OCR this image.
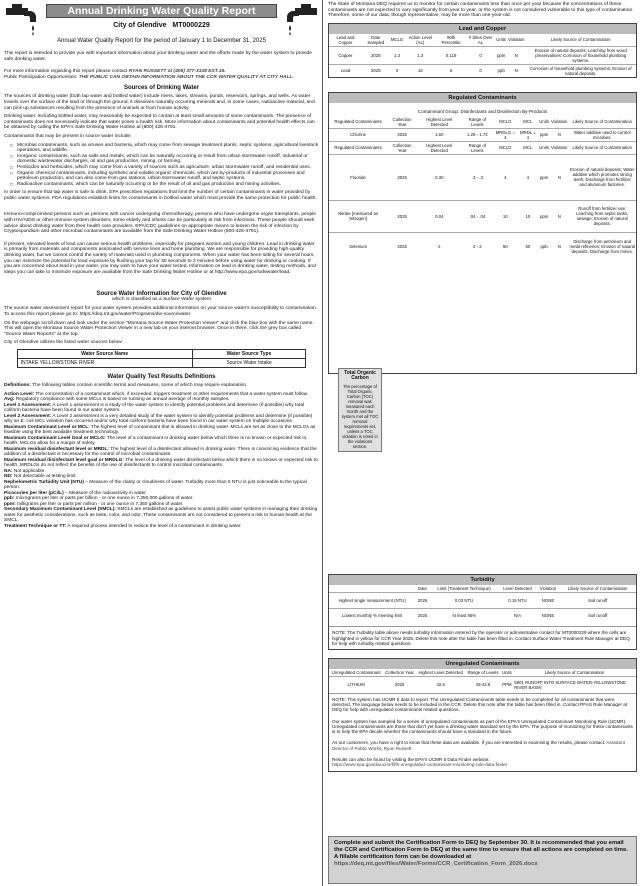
Annual Drinking Water Quality Report
City of Glendive MT0000229
Annual Water Quality Report for the period of January 1 to December 31, 2025

This report is intended to provide you with important information about your drinking water and the efforts made by the water system to provide safe drinking water.

For more information regarding this report please contact RYAN RUSSETT at (406) 377-3318 EXT.16.
Public Participation Opportunities: THE PUBLIC CAN OBTAIN INFORMATION ABOUT THE CCR WATER QUALITY AT CITY HALL.

Sources of Drinking Water

The sources of drinking water (both tap water and bottled water) include rivers, lakes, streams, ponds, reservoirs, springs, and wells. As water travels over the surface of the land or through the ground, it dissolves naturally occurring minerals and, in some cases, radioactive material, and can pick up substances resulting from the presence of animals or from human activity.

Drinking water, including bottled water, may reasonably be expected to contain at least small amounts of some contaminants. The presence of contaminants does not necessarily indicate that water poses a health risk. More information about contaminants and potential health effects can be obtained by calling the EPA's Safe Drinking Water Hotline at (800) 426-4791.

Contaminants that may be present in source water include:

□ Microbial contaminants, such as viruses and bacteria, which may come from sewage treatment plants, septic systems, agricultural livestock operations, and wildlife.
□ Inorganic contaminants, such as salts and metals, which can be naturally occurring or result from urban stormwater runoff, industrial or domestic wastewater discharges, oil and gas production, mining, or farming.
□ Pesticides and herbicides, which may come from a variety of sources such as agriculture, urban stormwater runoff, and residential uses.
□ Organic chemical contaminants, including synthetic and volatile organic chemicals, which are by-products of industrial processes and petroleum production, and can also come from gas stations, urban stormwater runoff, and septic systems.
□ Radioactive contaminants, which can be naturally occurring or be the result of oil and gas production and mining activities.

In order to ensure that tap water is safe to drink, EPA prescribes regulations that limit the number of certain contaminants in water provided by public water systems. FDA regulations establish limits for contaminants in bottled water which must provide the same protection for public health.

Immuno-compromised persons such as persons with cancer undergoing chemotherapy, persons who have undergone organ transplants, people with HIV/AIDS or other immune system disorders, some elderly and infants can be particularly at risk from infections. These people should seek advice about drinking water from their health care providers. EPA/CDC guidelines on appropriate means to lessen the risk of infection by Cryptosporidium and other microbial contaminants are available from the Safe Drinking Water Hotline (800-426-4791).

If present, elevated levels of lead can cause serious health problems, especially for pregnant women and young children. Lead in drinking water is primarily from materials and components associated with service lines and home plumbing. We are responsible for providing high-quality drinking water, but we cannot control the variety of materials used in plumbing components. When your water has been sitting for several hours, you can minimize the potential for lead exposure by flushing your tap for 30 seconds to 2 minutes before using water for drinking or cooking. If you are concerned about lead in your water, you may wish to have your water tested. Information on lead in drinking water, testing methods, and steps you can take to minimize exposure are available from the Safe Drinking Water Hotline or at http://www.epa.gov/safewater/lead.

Source Water Information for City of Glendive
which is classified as a Surface Water system

The source water assessment report for your water system provides additional information on your source water's susceptibility to contamination. To access this report please go to: https://deq.mt.gov/water/Programs/dw-sourcewater

On the webpage scroll down and look under the section "Montana Source Water Protection Viewer" and click the blue box with the same name. This will open the Montana Source Water Protection Viewer in a new tab on your internet browser. Once in there, click the grey box called "Source Water Reports" at the top.

City of Glendive utilizes the listed water sources below:

Water Source Name	Water Source Type
INTAKE YELLOWSTONE RIVER	Source Water Intake
Water Quality Test Results Definitions

Definitions: The following tables contain scientific terms and measures, some of which may require explanation.

Action Level: The concentration of a contaminant which, if exceeded, triggers treatment or other requirements that a water system must follow.
Avg: Regulatory compliance with some MCLs is based on running an annual average of monthly samples.
Level 1 Assessment: A Level 1 assessment is a study of the water system to identify potential problems and determine (if possible) why total coliform bacteria have been found in our water system.
Level 2 Assessment: A Level 2 assessment is a very detailed study of the water system to identify potential problems and determine (if possible) why an E. coli MCL violation has occurred and/or why total coliform bacteria have been found in our water system on multiple occasions.
Maximum Contaminant Level or MCL: The highest level of contaminant that is allowed in drinking water. MCLs are set as close to the MCLGs as feasible using the best available treatment technology.
Maximum Contaminant Level Goal or MCLG: The level of a contaminant in drinking water below which there is no known or expected risk to health. MCLGs allow for a margin of safety.
Maximum residual disinfectant level or MRDL: The highest level of a disinfectant allowed in drinking water. There is convincing evidence that the addition of a disinfectant is necessary for the control of microbial contaminants.
Maximum residual disinfectant level goal or MRDLG: The level of a drinking water disinfectant below which there is no known or expected risk to health. MRDLGs do not reflect the benefits of the use of disinfectants to control microbial contaminants.
NA: Not applicable.
ND: Not detectable at testing limit.
Nephelometric Turbidity Unit (NTU) – Measure of the clarity or cloudiness of water. Turbidity more than 5 NTU is just noticeable to the typical person.
Picocuries per liter (pCi/L) – Measure of the radioactivity in water.
ppb: micrograms per liter or parts per billion - or one ounce in 7,350,000 gallons of water.
ppm: milligrams per liter or parts per million - or one ounce in 7,350 gallons of water.
Secondary Maximum Contaminant Level (SMCL): SMCLs are established as guidelines to assist public water systems in managing their drinking water for aesthetic considerations, such as taste, color, and odor. These contaminants are not considered to present a risk to human health at the SMCL.
Treatment Technique or TT: A required process intended to reduce the level of a contaminant in drinking water.

The State of Montana DEQ requires us to monitor for certain contaminants less than once per year because the concentrations of these contaminants are not expected to vary significantly from year to year, or the system is not considered vulnerable to this type of contamination. Therefore, some of our data, though representative, may be more than one-year-old.

Lead and Copper
Lead and Copper	Date Sampled	MCLG	Action Level (AL)	90th Percentile	# Sites Over AL	Units	Violation	Likely Source of Contamination
Copper	2025	1.3	1.3	0.119	0	ppm	N	Erosion of natural deposits; Leaching from wood preservatives; Corrosion of household plumbing systems.
Lead	2025	0	15	6	0	ppb	N	Corrosion of household plumbing systems; Erosion of natural deposits.
Regulated Contaminants
Contaminant Group: Disinfectants and Disinfection By-Products
Regulated Contaminants	Collection Year	Highest Level Detected	Range of Levels	MCLG	MCL	Units	Violation	Likely Source of Contamination
Chlorine	2025	1.60	1.29 - 1.74	MRDLG = 4	MRDL = 4	ppm	N	Water additive used to control microbes.
Regulated Contaminants	Collection Year	Highest Level Detected	Range of Levels	MCLG	MCL	Units	Violation	Likely Source of Contamination
Fluoride	2025	0.30	.3 - .3	4	4	ppm	N	Erosion of natural deposits; Water additive which promotes strong teeth; Discharge from fertilizer and aluminum factories.
Nitrate [measured as Nitrogen]	2025	0.04	.04 - .04	10	10	ppm	N	Runoff from fertilizer use; Leaching from septic tanks, sewage; Erosion of natural deposits.
Selenium	2025	2	2 - 2	50	50	ppb	N	Discharge from petroleum and metal refineries; Erosion of natural deposits; Discharge from mines.
Total Organic Carbon
The percentage of Total Organic Carbon (TOC) removal was measured each month and the system met all TOC removal requirements set, unless a TOC violation is noted in the violations section.
Turbidity
	Date	Limit (Treatment Technique)	Level Detected	Violation	Likely Source of Contamination
Highest single measurement (NTU)	2025	0.03 NTU	0.15 NTU	NONE	Soil runoff
Lowest monthly % meeting limit	2025	At least 95%	N/A	NONE	Soil runoff
NOTE: The Turbidity table above needs turbidity information entered by the operator or administrative contact for MT0000229 where the cells are highlighted in yellow for CCR Year 2025. Delete this note after the table has been filled in. Contact Surface Water Treatment Rule Manager at DEQ for help with turbidity related questions.
Unregulated Contaminants
Unregulated Contaminant	Collection Year	Highest Level Detected	Range of Levels	Units	Likely Source of Contamination
LITHIUM	2025	42.6	18-42.6	PPM	5801 RUNOFF INTO SURFACE WATER-YELLOWSTONE RIVER BASIN
NOTE: This system has UCMR 5 data to report. The Unregulated Contaminants table needs to be completed for all contaminants that were detected. The language below needs to be included in the CCR. Delete this note after the table has been filled in. Contact PFAS Rule Manager at DEQ for help with unregulated contaminants related questions.
Our water system has sampled for a series of unregulated contaminants as part of the EPA's Unregulated Contaminant Monitoring Rule (UCMR). Unregulated contaminants are those that don't yet have a drinking water standard set by the EPA. The purpose of monitoring for these contaminants is to help the EPA decide whether the contaminants should have a standard in the future.
As our customers, you have a right to know that these data are available. If you are interested in examining the results, please contact: Assistant Director of Public Works, Ryan Russett
Results can also be found by visiting the EPA's UCMR 5 Data Finder website:
https://www.epa.gov/dwucmr/fifth-unregulated-contaminant-monitoring-rule-data-finder
Complete and submit the Certification Form to DEQ by September 30. It is recommended that you email the CCR and Certification Form to DEQ at the same time to ensure that all actions are completed on time. A fillable certification form can be downloaded at https://deq.mt.gov/files/Water/Forms/CCR_Certification_Form_2026.docx
